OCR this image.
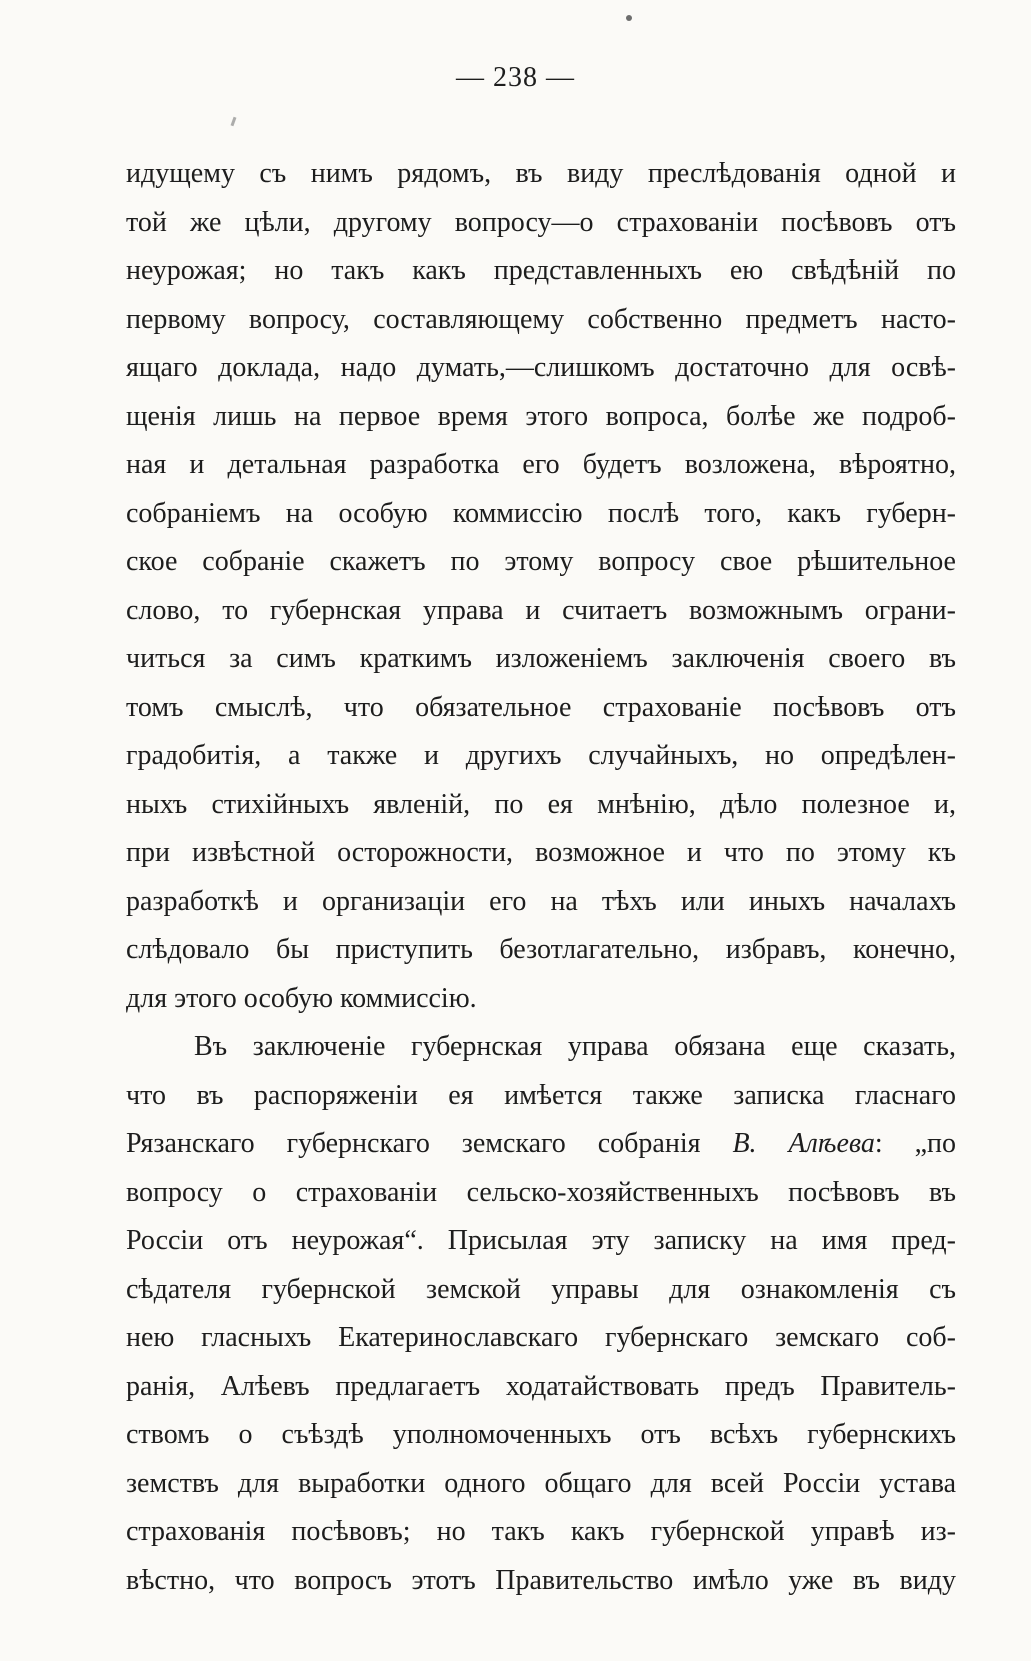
— 238 —
идущему съ нимъ рядомъ, въ виду преслѣдованія одной и
той же цѣли, другому вопросу—о страхованіи посѣвовъ отъ
неурожая; но такъ какъ представленныхъ ею свѣдѣній по
первому вопросу, составляющему собственно предметъ насто-
ящаго доклада, надо думать,—слишкомъ достаточно для освѣ-
щенія лишь на первое время этого вопроса, болѣе же подроб-
ная и детальная разработка его будетъ возложена, вѣроятно,
собраніемъ на особую коммиссію послѣ того, какъ губерн-
ское собраніе скажетъ по этому вопросу свое рѣшительное
слово, то губернская управа и считаетъ возможнымъ ограни-
читься за симъ краткимъ изложеніемъ заключенія своего въ
томъ смыслѣ, что обязательное страхованіе посѣвовъ отъ
градобитія, а также и другихъ случайныхъ, но опредѣлен-
ныхъ стихійныхъ явленій, по ея мнѣнію, дѣло полезное и,
при извѣстной осторожности, возможное и что по этому къ
разработкѣ и организаціи его на тѣхъ или иныхъ началахъ
слѣдовало бы приступить безотлагательно, избравъ, конечно,
для этого особую коммиссію.
Въ заключеніе губернская управа обязана еще сказать,
что въ распоряженіи ея имѣется также записка гласнаго
Рязанскаго губернскаго земскаго собранія В. Алѣева: „по
вопросу о страхованіи сельско-хозяйственныхъ посѣвовъ въ
Россіи отъ неурожая“. Присылая эту записку на имя пред-
сѣдателя губернской земской управы для ознакомленія съ
нею гласныхъ Екатеринославскаго губернскаго земскаго соб-
ранія, Алѣевъ предлагаетъ ходатайствовать предъ Правитель-
ствомъ о съѣздѣ уполномоченныхъ отъ всѣхъ губернскихъ
земствъ для выработки одного общаго для всей Россіи устава
страхованія посѣвовъ; но такъ какъ губернской управѣ из-
вѣстно, что вопросъ этотъ Правительство имѣло уже въ виду
